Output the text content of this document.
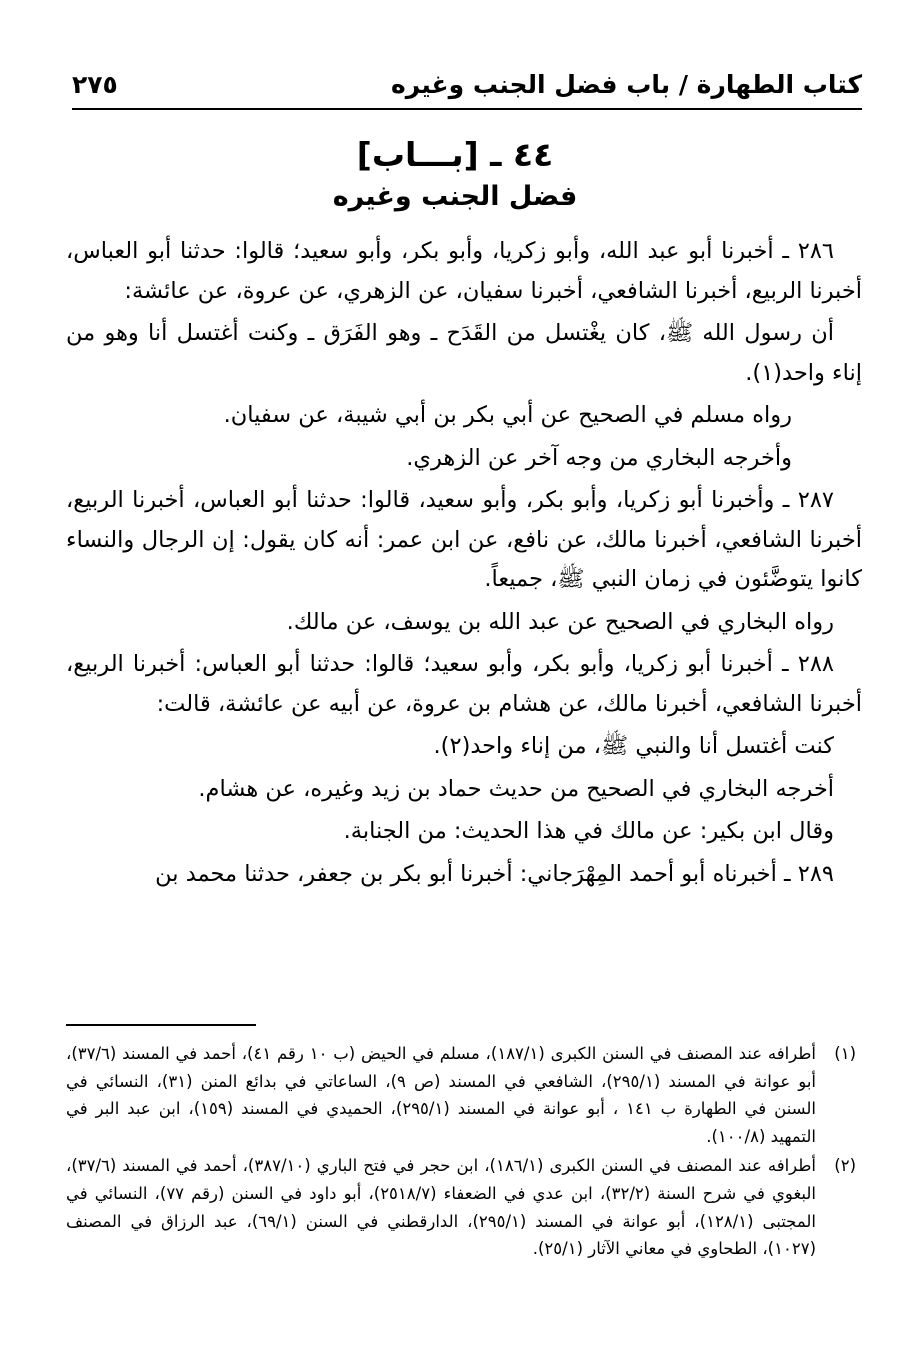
كتاب الطهارة / باب فضل الجنب وغيره
٢٧٥
٤٤ ـ [بـــاب]
فضل الجنب وغيره

٢٨٦ ـ أخبرنا أبو عبد الله، وأبو زكريا، وأبو بكر، وأبو سعيد؛ قالوا: حدثنا أبو العباس، أخبرنا الربيع، أخبرنا الشافعي، أخبرنا سفيان، عن الزهري، عن عروة، عن عائشة:

أن رسول الله ﷺ، كان يغْتسل من القَدَح ـ وهو الفَرَق ـ وكنت أغتسل أنا وهو من إناء واحد(١).

رواه مسلم في الصحيح عن أبي بكر بن أبي شيبة، عن سفيان.

وأخرجه البخاري من وجه آخر عن الزهري.

٢٨٧ ـ وأخبرنا أبو زكريا، وأبو بكر، وأبو سعيد، قالوا: حدثنا أبو العباس، أخبرنا الربيع، أخبرنا الشافعي، أخبرنا مالك، عن نافع، عن ابن عمر: أنه كان يقول: إن الرجال والنساء كانوا يتوضَّئون في زمان النبي ﷺ، جميعاً.

رواه البخاري في الصحيح عن عبد الله بن يوسف، عن مالك.

٢٨٨ ـ أخبرنا أبو زكريا، وأبو بكر، وأبو سعيد؛ قالوا: حدثنا أبو العباس: أخبرنا الربيع، أخبرنا الشافعي، أخبرنا مالك، عن هشام بن عروة، عن أبيه عن عائشة، قالت:

كنت أغتسل أنا والنبي ﷺ، من إناء واحد(٢).

أخرجه البخاري في الصحيح من حديث حماد بن زيد وغيره، عن هشام.

وقال ابن بكير: عن مالك في هذا الحديث: من الجنابة.

٢٨٩ ـ أخبرناه أبو أحمد المِهْرَجاني: أخبرنا أبو بكر بن جعفر، حدثنا محمد بن

(١)
أطرافه عند المصنف في السنن الكبرى (١٨٧/١)، مسلم في الحيض (ب ١٠ رقم ٤١)، أحمد في المسند (٣٧/٦)، أبو عوانة في المسند (٢٩٥/١)، الشافعي في المسند (ص ٩)، الساعاتي في بدائع المنن (٣١)، النسائي في السنن في الطهارة ب ١٤١ ، أبو عوانة في المسند (٢٩٥/١)، الحميدي في المسند (١٥٩)، ابن عبد البر في التمهيد (١٠٠/٨).
(٢)
أطرافه عند المصنف في السنن الكبرى (١٨٦/١)، ابن حجر في فتح الباري (٣٨٧/١٠)، أحمد في المسند (٣٧/٦)، البغوي في شرح السنة (٣٢/٢)، ابن عدي في الضعفاء (٢٥١٨/٧)، أبو داود في السنن (رقم ٧٧)، النسائي في المجتبى (١٢٨/١)، أبو عوانة في المسند (٢٩٥/١)، الدارقطني في السنن (٦٩/١)، عبد الرزاق في المصنف (١٠٢٧)، الطحاوي في معاني الآثار (٢٥/١).
